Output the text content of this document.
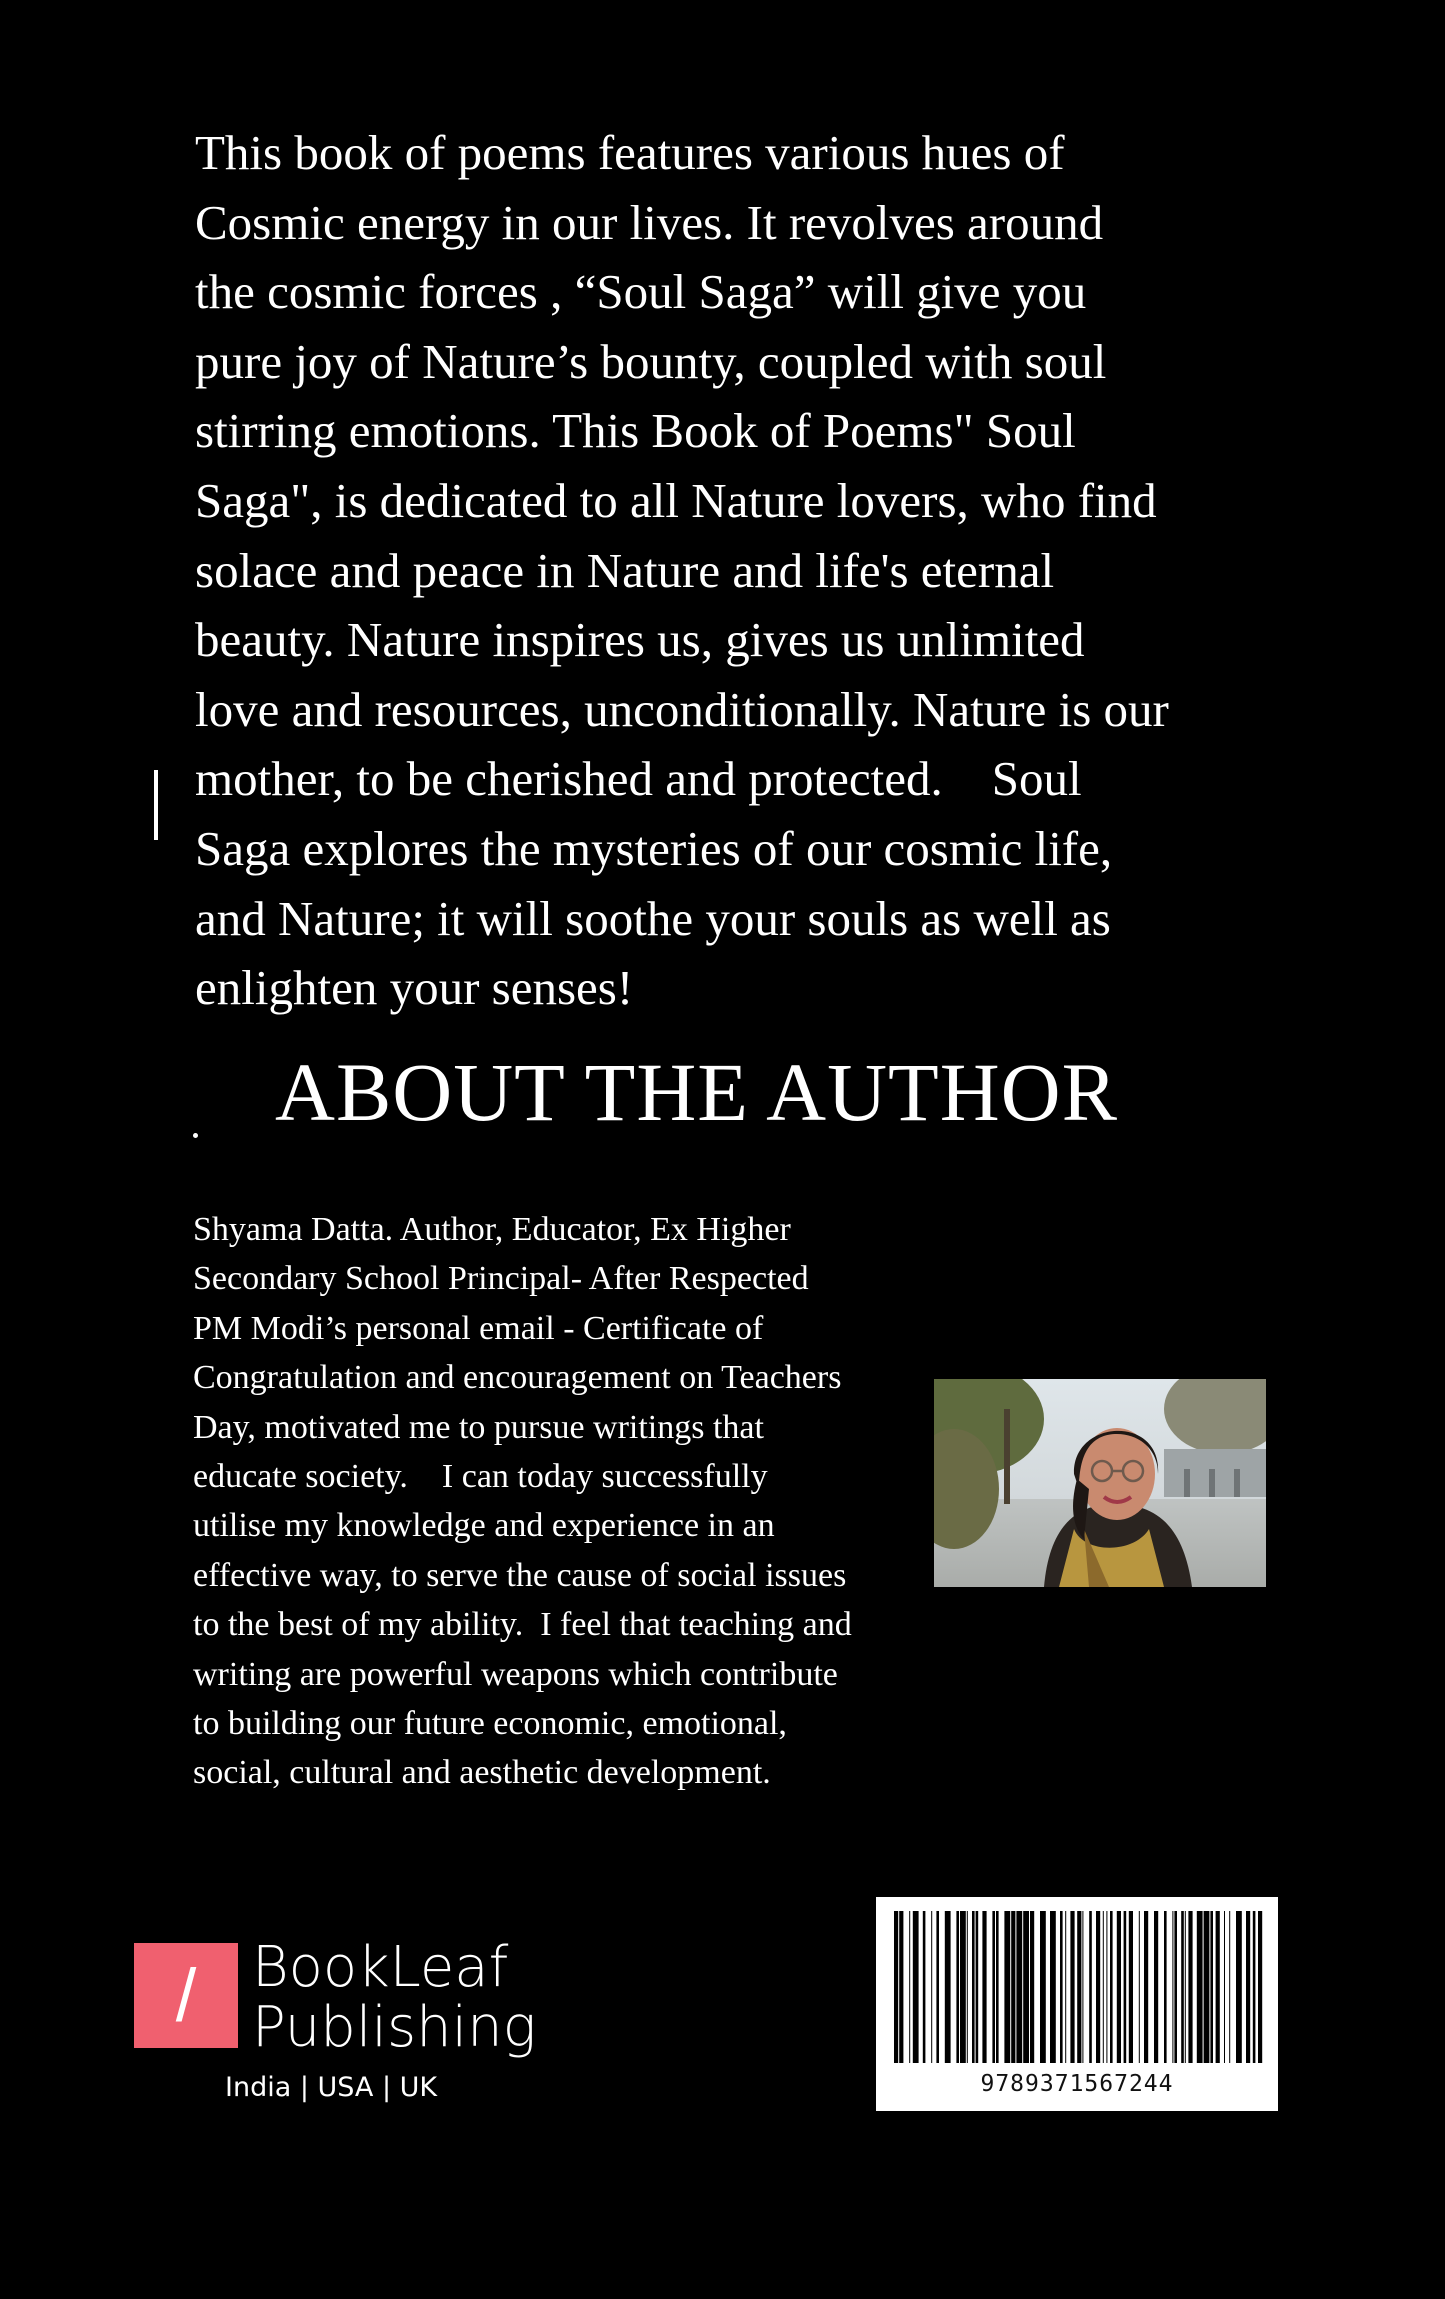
This book of poems features various hues of
Cosmic energy in our lives. It revolves around
the cosmic forces , “Soul Saga” will give you
pure joy of Nature’s bounty, coupled with soul
stirring emotions. This Book of Poems" Soul
Saga", is dedicated to all Nature lovers, who find
solace and peace in Nature and life's eternal
beauty. Nature inspires us, gives us unlimited
love and resources, unconditionally. Nature is our
mother, to be cherished and protected.    Soul
Saga explores the mysteries of our cosmic life,
and Nature; it will soothe your souls as well as
enlighten your senses!
ABOUT THE AUTHOR
Shyama Datta. Author, Educator, Ex Higher
Secondary School Principal- After Respected
PM Modi’s personal email - Certificate of
Congratulation and encouragement on Teachers
Day, motivated me to pursue writings that
educate society.    I can today successfully
utilise my knowledge and experience in an
effective way, to serve the cause of social issues
to the best of my ability.  I feel that teaching and
writing are powerful weapons which contribute
to building our future economic, emotional,
social, cultural and aesthetic development.
/ BookLeaf
Publishing
India | USA | UK	9789371567244
